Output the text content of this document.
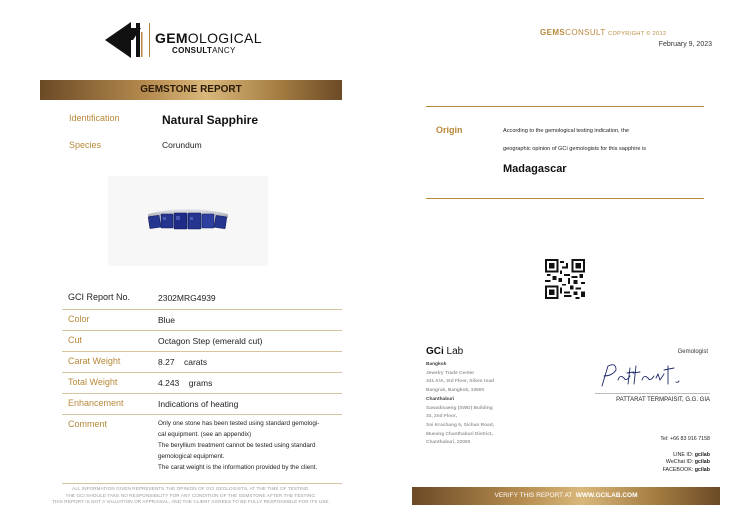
GEMOLOGICAL
CONSULTANCY
GEMSTONE REPORT
Identification	Natural Sapphire
Species	Corundum
GCI Report No.	2302MRG4939
Color	Blue
Cut	Octagon Step (emerald cut)
Carat Weight	8.27    carats
Total Weight	4.243    grams
Enhancement	Indications of heating
Comment	Only one stone has been tested using standard gemologi-
cal equipment. (see an appendix)
The beryllium treatment cannot be tested using standard
gemological equipment.
The carat weight is the information provided by the client.
ALL INFORMATION GIVEN REPRESENTS THE OPINION OF GCI GEOLOGISTS, AT THE TIME OF TESTING.
THE GCI SHOULD TAKE NO RESPONSIBILITY FOR ANY CONDITION OF THE GEMSTONE AFTER THE TESTING.
THIS REPORT IS NOT A VALUATION OR APPRAISAL, AND THE CLIENT AGREES TO BE FULLY RESPONSIBLE FOR ITS USE.
GEMSCONSULT COPYRIGHT © 2012
February 9, 2023
Origin	According to the gemological testing indication, the
geographic opinion of GCi gemologists for this sapphire is
Madagascar
GCi Lab
Bangkok
Jewelry Trade Center
341 A/A, 3rd Floor, Silom road
Bangrak, Bangkok, 10500
Chanthaburi
Sawadisaeng (SWD) Building
33, 2nd Floor,
Soi Krachang 5, Sichan Road,
Mueang Chanthaburi District,
Chanthaburi, 22000
Gemologist
PATTARAT TERMPAISIT, G.G. GIA
Tel: +66 83 916 7158
LINE ID: gcilab
WeChat ID: gcilab
FACEBOOK: gcilab
VERIFY THIS REPORT AT  WWW.GCILAB.COM
